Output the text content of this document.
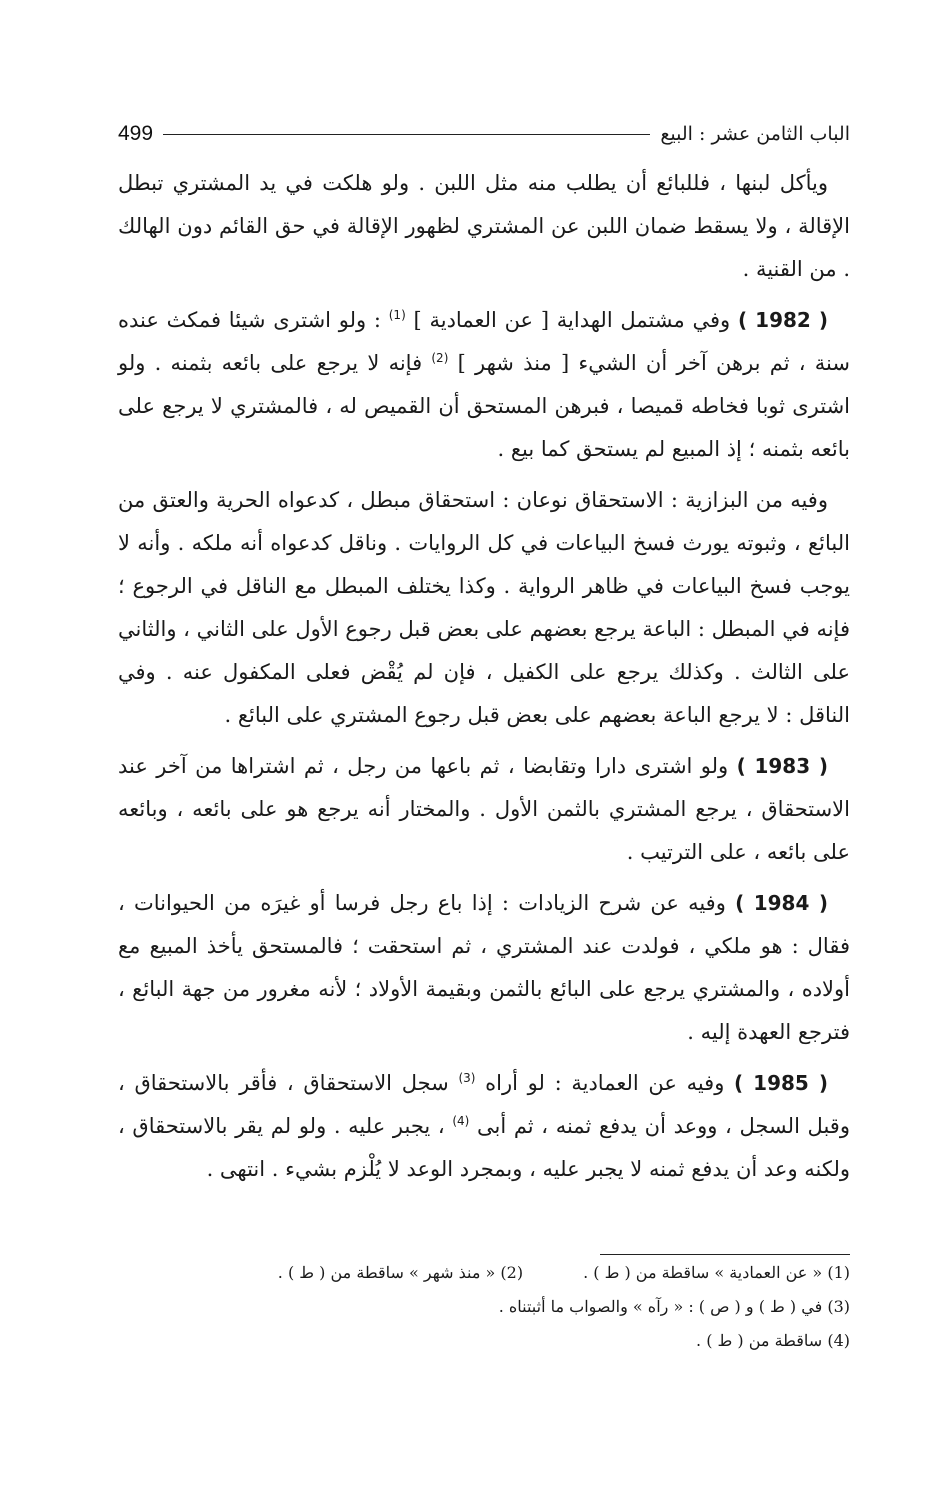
499	الباب الثامن عشر : البيع

ويأكل لبنها ، فللبائع أن يطلب منه مثل اللبن . ولو هلكت في يد المشتري تبطل الإقالة ، ولا يسقط ضمان اللبن عن المشتري لظهور الإقالة في حق القائم دون الهالك . من القنية .

( 1982 ) وفي مشتمل الهداية [ عن العمادية ] $^{(1)}$ : ولو اشترى شيئا فمكث عنده سنة ، ثم برهن آخر أن الشيء [ منذ شهر ] $^{(2)}$ فإنه لا يرجع على بائعه بثمنه . ولو اشترى ثوبا فخاطه قميصا ، فبرهن المستحق أن القميص له ، فالمشتري لا يرجع على بائعه بثمنه ؛ إذ المبيع لم يستحق كما بيع .

وفيه من البزازية : الاستحقاق نوعان : استحقاق مبطل ، كدعواه الحرية والعتق من البائع ، وثبوته يورث فسخ البياعات في كل الروايات . وناقل كدعواه أنه ملكه . وأنه لا يوجب فسخ البياعات في ظاهر الرواية . وكذا يختلف المبطل مع الناقل في الرجوع ؛ فإنه في المبطل : الباعة يرجع بعضهم على بعض قبل رجوع الأول على الثاني ، والثاني على الثالث . وكذلك يرجع على الكفيل ، فإن لم يُقْض فعلى المكفول عنه . وفي الناقل : لا يرجع الباعة بعضهم على بعض قبل رجوع المشتري على البائع .

( 1983 ) ولو اشترى دارا وتقابضا ، ثم باعها من رجل ، ثم اشتراها من آخر عند الاستحقاق ، يرجع المشتري بالثمن الأول . والمختار أنه يرجع هو على بائعه ، وبائعه على بائعه ، على الترتيب .

( 1984 ) وفيه عن شرح الزيادات : إذا باع رجل فرسا أو غيرَه من الحيوانات ، فقال : هو ملكي ، فولدت عند المشتري ، ثم استحقت ؛ فالمستحق يأخذ المبيع مع أولاده ، والمشتري يرجع على البائع بالثمن وبقيمة الأولاد ؛ لأنه مغرور من جهة البائع ، فترجع العهدة إليه .

( 1985 ) وفيه عن العمادية : لو أراه $^{(3)}$ سجل الاستحقاق ، فأقر بالاستحقاق ، وقبل السجل ، ووعد أن يدفع ثمنه ، ثم أبى $^{(4)}$ ، يجبر عليه . ولو لم يقر بالاستحقاق ، ولكنه وعد أن يدفع ثمنه لا يجبر عليه ، وبمجرد الوعد لا يُلْزم بشيء . انتهى .

(1) « عن العمادية » ساقطة من ( ط ) .
(2) « منذ شهر » ساقطة من ( ط ) .
(3) في ( ط ) و ( ص ) : « رآه » والصواب ما أثبتناه .
(4) ساقطة من ( ط ) .
